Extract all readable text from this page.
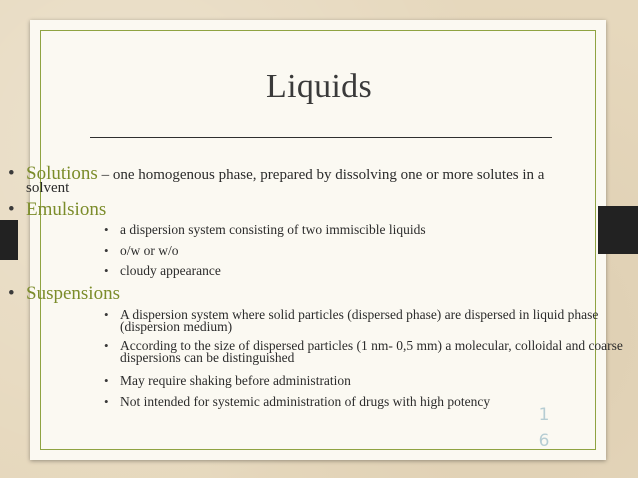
Liquids
• Solutions – one homogenous phase, prepared by dissolving one or more solutes in a
solvent
• Emulsions
• a dispersion system consisting of two immiscible liquids
• o/w or w/o
• cloudy appearance
• Suspensions
• A dispersion system where solid particles (dispersed phase) are dispersed in liquid phase (dispersion medium)
• According to the size of dispersed particles (1 nm- 0,5 mm) a molecular, colloidal and coarse dispersions can be distinguished
• May require shaking before administration
• Not intended for systemic administration of drugs with high potency
1
6
